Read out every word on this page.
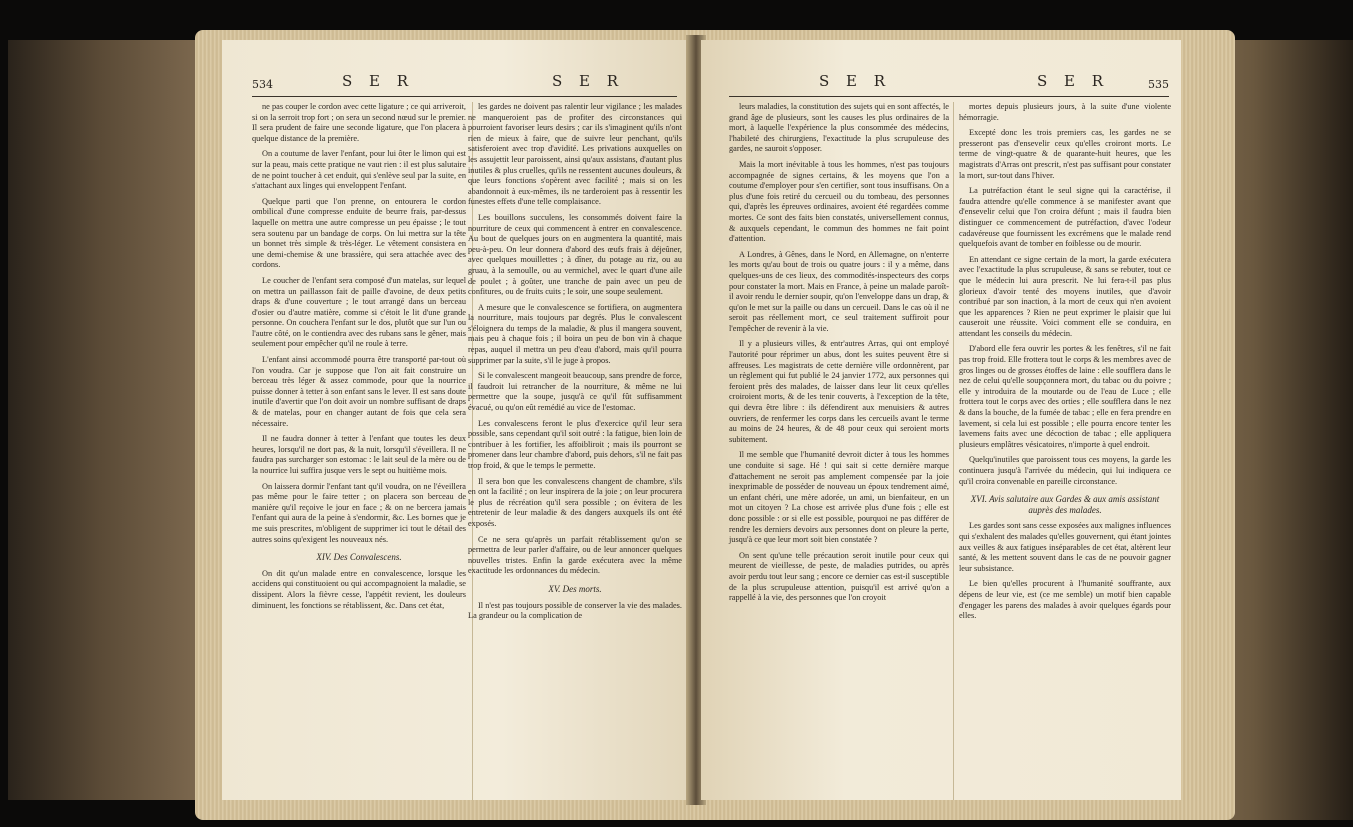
534	S E R	S E R

ne pas couper le cordon avec cette ligature ; ce qui arriveroit, si on la serroit trop fort ; on sera un second nœud sur le premier. Il sera prudent de faire une seconde ligature, que l'on placera à quelque distance de la première.

On a coutume de laver l'enfant, pour lui ôter le limon qui est sur la peau, mais cette pratique ne vaut rien : il est plus salutaire de ne point toucher à cet enduit, qui s'enlève seul par la suite, en s'attachant aux linges qui enveloppent l'enfant.

Quelque parti que l'on prenne, on entourera le cordon ombilical d'une compresse enduite de beurre frais, par-dessus laquelle on mettra une autre compresse un peu épaisse ; le tout sera soutenu par un bandage de corps. On lui mettra sur la tête un bonnet très simple & très-léger. Le vêtement consistera en une demi-chemise & une brassière, qui sera attachée avec des cordons.

Le coucher de l'enfant sera composé d'un matelas, sur lequel on mettra un paillasson fait de paille d'avoine, de deux petits draps & d'une couverture ; le tout arrangé dans un berceau d'osier ou d'autre matière, comme si c'étoit le lit d'une grande personne. On couchera l'enfant sur le dos, plutôt que sur l'un ou l'autre côté, on le contiendra avec des rubans sans le gêner, mais seulement pour empêcher qu'il ne roule à terre.

L'enfant ainsi accommodé pourra être transporté par-tout où l'on voudra. Car je suppose que l'on ait fait construire un berceau très léger & assez commode, pour que la nourrice puisse donner à tetter à son enfant sans le lever. Il est sans doute inutile d'avertir que l'on doit avoir un nombre suffisant de draps & de matelas, pour en changer autant de fois que cela sera nécessaire.

Il ne faudra donner à tetter à l'enfant que toutes les deux heures, lorsqu'il ne dort pas, & la nuit, lorsqu'il s'éveillera. Il ne faudra pas surcharger son estomac : le lait seul de la mère ou de la nourrice lui suffira jusque vers le sept ou huitième mois.

On laissera dormir l'enfant tant qu'il voudra, on ne l'éveillera pas même pour le faire tetter ; on placera son berceau de manière qu'il reçoive le jour en face ; & on ne bercera jamais l'enfant qui aura de la peine à s'endormir, &c. Les bornes que je me suis prescrites, m'obligent de supprimer ici tout le détail des autres soins qu'exigent les nouveaux nés.

XIV. Des Convalescens.

On dit qu'un malade entre en convalescence, lorsque les accidens qui constituoient ou qui accompagnoient la maladie, se dissipent. Alors la fièvre cesse, l'appétit revient, les douleurs diminuent, les fonctions se rétablissent, &c. Dans cet état,

les gardes ne doivent pas ralentir leur vigilance ; les malades ne manqueroient pas de profiter des circonstances qui pourroient favoriser leurs desirs ; car ils s'imaginent qu'ils n'ont rien de mieux à faire, que de suivre leur penchant, qu'ils satisferoient avec trop d'avidité. Les privations auxquelles on les assujettit leur paroissent, ainsi qu'aux assistans, d'autant plus inutiles & plus cruelles, qu'ils ne ressentent aucunes douleurs, & que leurs fonctions s'opèrent avec facilité ; mais si on les abandonnoit à eux-mêmes, ils ne tarderoient pas à ressentir les funestes effets d'une telle complaisance.

Les bouillons succulens, les consommés doivent faire la nourriture de ceux qui commencent à entrer en convalescence. Au bout de quelques jours on en augmentera la quantité, mais peu-à-peu. On leur donnera d'abord des œufs frais à déjeûner, avec quelques mouillettes ; à dîner, du potage au riz, ou au gruau, à la semoulle, ou au vermichel, avec le quart d'une aile de poulet ; à goûter, une tranche de pain avec un peu de confitures, ou de fruits cuits ; le soir, une soupe seulement.

A mesure que le convalescence se fortifiera, on augmentera la nourriture, mais toujours par degrés. Plus le convalescent s'éloignera du temps de la maladie, & plus il mangera souvent, mais peu à chaque fois ; il boira un peu de bon vin à chaque repas, auquel il mettra un peu d'eau d'abord, mais qu'il pourra supprimer par la suite, s'il le juge à propos.

Si le convalescent mangeoit beaucoup, sans prendre de force, il faudroit lui retrancher de la nourriture, & même ne lui permettre que la soupe, jusqu'à ce qu'il fût suffisamment évacué, ou qu'on eût remédié au vice de l'estomac.

Les convalescens feront le plus d'exercice qu'il leur sera possible, sans cependant qu'il soit outré : la fatigue, bien loin de contribuer à les fortifier, les affoibliroit ; mais ils pourront se promener dans leur chambre d'abord, puis dehors, s'il ne fait pas trop froid, & que le temps le permette.

Il sera bon que les convalescens changent de chambre, s'ils en ont la facilité ; on leur inspirera de la joie ; on leur procurera le plus de récréation qu'il sera possible ; on évitera de les entretenir de leur maladie & des dangers auxquels ils ont été exposés.

Ce ne sera qu'après un parfait rétablissement qu'on se permettra de leur parler d'affaire, ou de leur annoncer quelques nouvelles tristes. Enfin la garde exécutera avec la même exactitude les ordonnances du médecin.

XV. Des morts.

Il n'est pas toujours possible de conserver la vie des malades. La grandeur ou la complication de

S E R	S E R	535

leurs maladies, la constitution des sujets qui en sont affectés, le grand âge de plusieurs, sont les causes les plus ordinaires de la mort, à laquelle l'expérience la plus consommée des médecins, l'habileté des chirurgiens, l'exactitude la plus scrupuleuse des gardes, ne sauroit s'opposer.

Mais la mort inévitable à tous les hommes, n'est pas toujours accompagnée de signes certains, & les moyens que l'on a coutume d'employer pour s'en certifier, sont tous insuffisans. On a plus d'une fois retiré du cercueil ou du tombeau, des personnes qui, d'après les épreuves ordinaires, avoient été regardées comme mortes. Ce sont des faits bien constatés, universellement connus, & auxquels cependant, le commun des hommes ne fait point d'attention.

A Londres, à Gênes, dans le Nord, en Allemagne, on n'enterre les morts qu'au bout de trois ou quatre jours : il y a même, dans quelques-uns de ces lieux, des commodités-inspecteurs des corps pour constater la mort. Mais en France, à peine un malade paroît-il avoir rendu le dernier soupir, qu'on l'enveloppe dans un drap, & qu'on le met sur la paille ou dans un cercueil. Dans le cas où il ne seroit pas réellement mort, ce seul traitement suffiroit pour l'empêcher de revenir à la vie.

Il y a plusieurs villes, & entr'autres Arras, qui ont employé l'autorité pour réprimer un abus, dont les suites peuvent être si affreuses. Les magistrats de cette dernière ville ordonnèrent, par un règlement qui fut publié le 24 janvier 1772, aux personnes qui feroient près des malades, de laisser dans leur lit ceux qu'elles croiroient morts, & de les tenir couverts, à l'exception de la tête, qui devra être libre : ils défendirent aux menuisiers & autres ouvriers, de renfermer les corps dans les cercueils avant le terme au moins de 24 heures, & de 48 pour ceux qui seroient morts subitement.

Il me semble que l'humanité devroit dicter à tous les hommes une conduite si sage. Hé ! qui sait si cette dernière marque d'attachement ne seroit pas amplement compensée par la joie inexprimable de posséder de nouveau un époux tendrement aimé, un enfant chéri, une mère adorée, un ami, un bienfaiteur, en un mot un citoyen ? La chose est arrivée plus d'une fois ; elle est donc possible : or si elle est possible, pourquoi ne pas différer de rendre les derniers devoirs aux personnes dont on pleure la perte, jusqu'à ce que leur mort soit bien constatée ?

On sent qu'une telle précaution seroit inutile pour ceux qui meurent de vieillesse, de peste, de maladies putrides, ou après avoir perdu tout leur sang ; encore ce dernier cas est-il susceptible de la plus scrupuleuse attention, puisqu'il est arrivé qu'on a rappellé à la vie, des personnes que l'on croyoit

mortes depuis plusieurs jours, à la suite d'une violente hémorragie.

Excepté donc les trois premiers cas, les gardes ne se presseront pas d'ensevelir ceux qu'elles croiront morts. Le terme de vingt-quatre & de quarante-huit heures, que les magistrats d'Arras ont prescrit, n'est pas suffisant pour constater la mort, sur-tout dans l'hiver.

La putréfaction étant le seul signe qui la caractérise, il faudra attendre qu'elle commence à se manifester avant que d'ensevelir celui que l'on croira défunt ; mais il faudra bien distinguer ce commencement de putréfaction, d'avec l'odeur cadavéreuse que fournissent les excrémens que le malade rend quelquefois avant de tomber en foiblesse ou de mourir.

En attendant ce signe certain de la mort, la garde exécutera avec l'exactitude la plus scrupuleuse, & sans se rebuter, tout ce que le médecin lui aura prescrit. Ne lui fera-t-il pas plus glorieux d'avoir tenté des moyens inutiles, que d'avoir contribué par son inaction, à la mort de ceux qui n'en avoient que les apparences ? Rien ne peut exprimer le plaisir que lui causeroit une réussite. Voici comment elle se conduira, en attendant les conseils du médecin.

D'abord elle fera ouvrir les portes & les fenêtres, s'il ne fait pas trop froid. Elle frottera tout le corps & les membres avec de gros linges ou de grosses étoffes de laine : elle soufflera dans le nez de celui qu'elle soupçonnera mort, du tabac ou du poivre ; elle y introduira de la moutarde ou de l'eau de Luce ; elle frottera tout le corps avec des orties ; elle soufflera dans le nez & dans la bouche, de la fumée de tabac ; elle en fera prendre en lavement, si cela lui est possible ; elle pourra encore tenter les lavemens faits avec une décoction de tabac ; elle appliquera plusieurs emplâtres vésicatoires, n'importe à quel endroit.

Quelqu'inutiles que paroissent tous ces moyens, la garde les continuera jusqu'à l'arrivée du médecin, qui lui indiquera ce qu'il croira convenable en pareille circonstance.

XVI. Avis salutaire aux Gardes & aux amis assistant auprès des malades.

Les gardes sont sans cesse exposées aux malignes influences qui s'exhalent des malades qu'elles gouvernent, qui étant jointes aux veilles & aux fatigues inséparables de cet état, altèrent leur santé, & les mettent souvent dans le cas de ne pouvoir gagner leur subsistance.

Le bien qu'elles procurent à l'humanité souffrante, aux dépens de leur vie, est (ce me semble) un motif bien capable d'engager les parens des malades à avoir quelques égards pour elles.
